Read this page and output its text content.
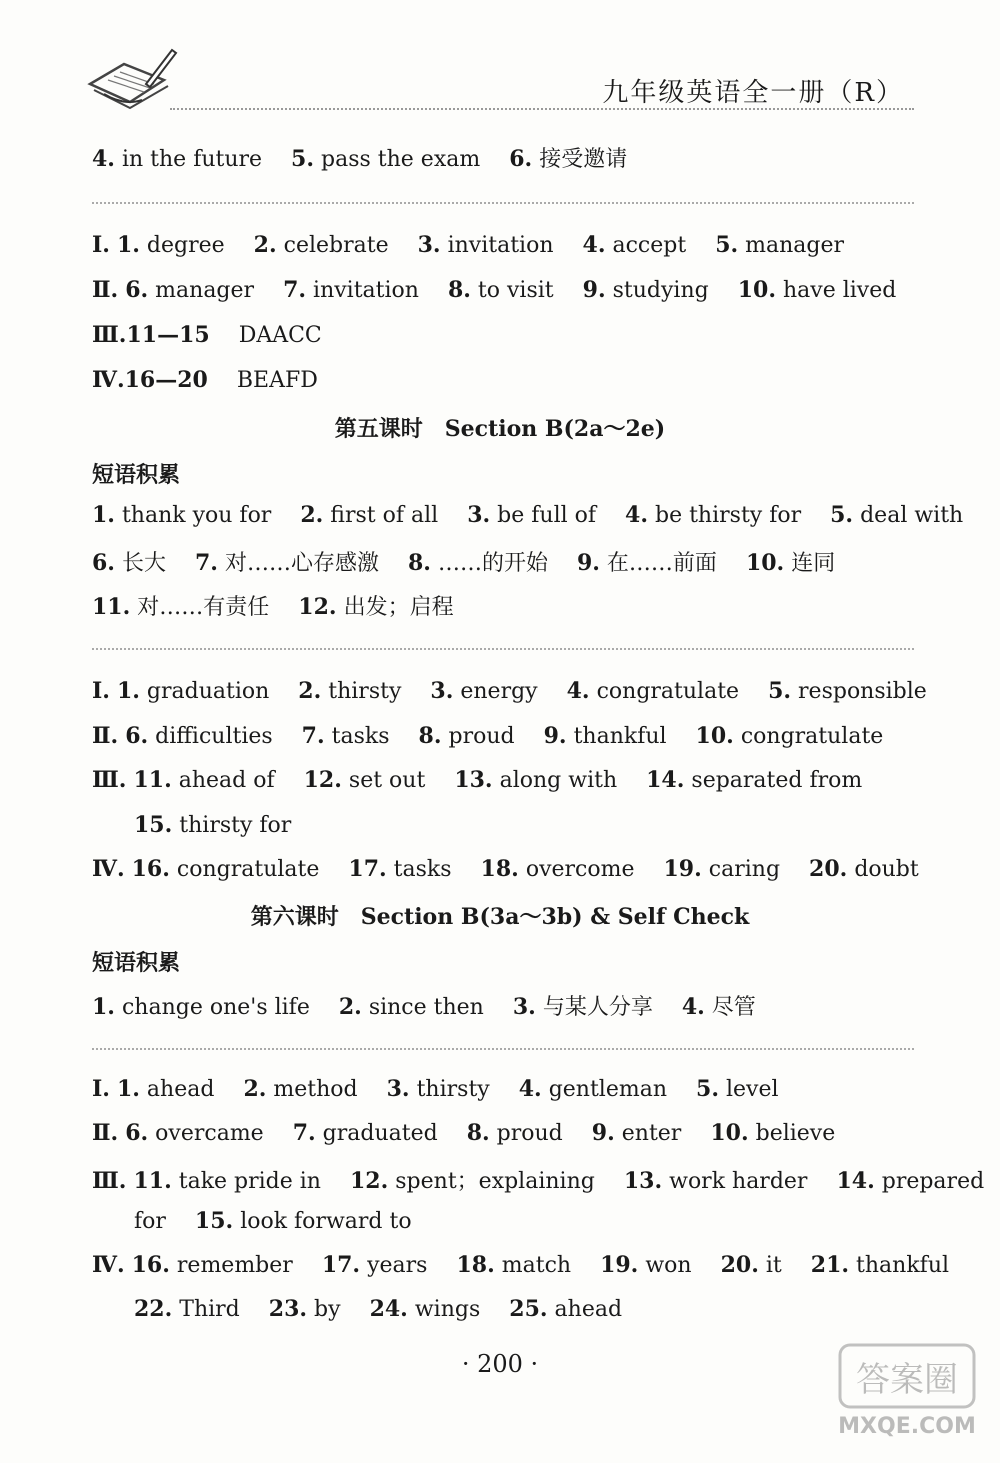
九年级英语全一册（R）
4. in the future 5. pass the exam 6. 接受邀请
Ⅰ. 1. degree 2. celebrate 3. invitation 4. accept 5. manager
Ⅱ. 6. manager 7. invitation 8. to visit 9. studying 10. have lived
Ⅲ.11—15 DAACC
Ⅳ.16—20 BEAFD
第五课时　Section B(2a～2e)
短语积累
1. thank you for 2. first of all 3. be full of 4. be thirsty for 5. deal with
6. 长大 7. 对……心存感激 8. ……的开始 9. 在……前面 10. 连同
11. 对……有责任 12. 出发；启程
Ⅰ. 1. graduation 2. thirsty 3. energy 4. congratulate 5. responsible
Ⅱ. 6. difficulties 7. tasks 8. proud 9. thankful 10. congratulate
Ⅲ. 11. ahead of 12. set out 13. along with 14. separated from
15. thirsty for
Ⅳ. 16. congratulate 17. tasks 18. overcome 19. caring 20. doubt
第六课时　Section B(3a～3b) & Self Check
短语积累
1. change one's life 2. since then 3. 与某人分享 4. 尽管
Ⅰ. 1. ahead 2. method 3. thirsty 4. gentleman 5. level
Ⅱ. 6. overcame 7. graduated 8. proud 9. enter 10. believe
Ⅲ. 11. take pride in 12. spent；explaining 13. work harder 14. prepared
for 15. look forward to
Ⅳ. 16. remember 17. years 18. match 19. won 20. it 21. thankful
22. Third 23. by 24. wings 25. ahead
· 200 ·	答案圈
MXQE.COM
